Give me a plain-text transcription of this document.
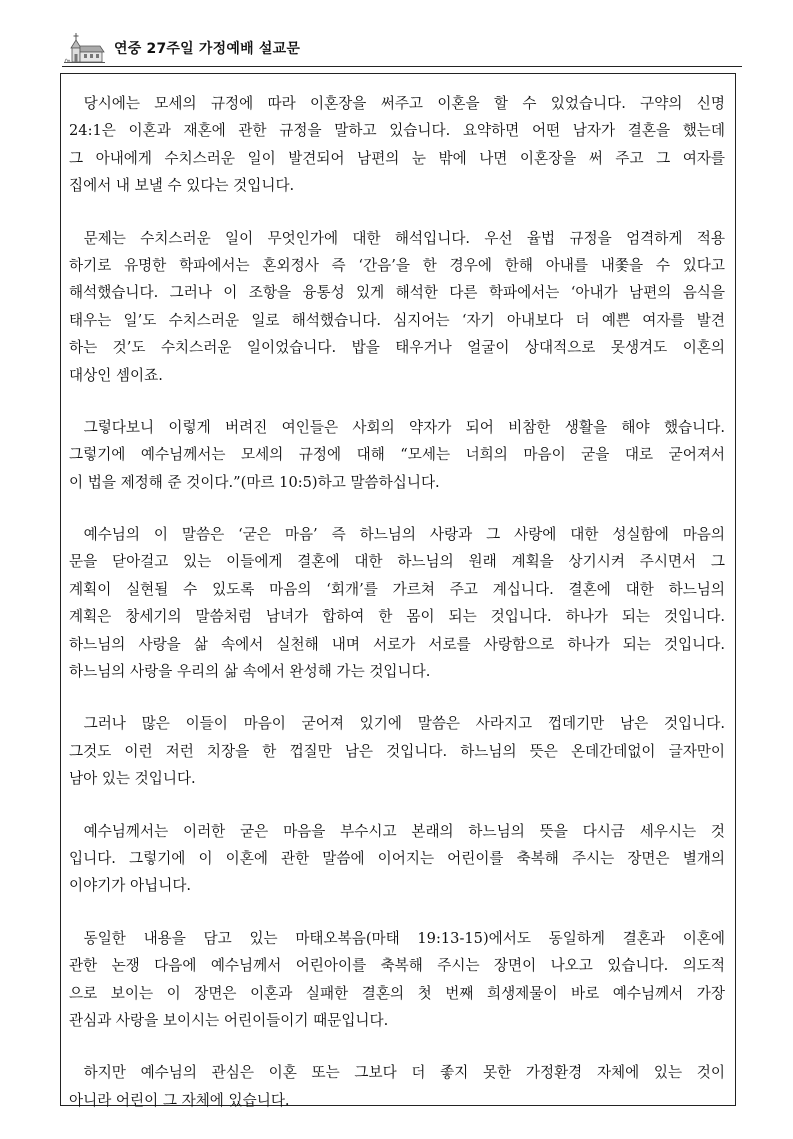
연중 27주일 가정예배 설교문
 당시에는 모세의 규정에 따라 이혼장을 써주고 이혼을 할 수 있었습니다. 구약의 신명
24:1은 이혼과 재혼에 관한 규정을 말하고 있습니다. 요약하면 어떤 남자가 결혼을 했는데
그 아내에게 수치스러운 일이 발견되어 남편의 눈 밖에 나면 이혼장을 써 주고 그 여자를
집에서 내 보낼 수 있다는 것입니다.
 문제는 수치스러운 일이 무엇인가에 대한 해석입니다. 우선 율법 규정을 엄격하게 적용
하기로 유명한 학파에서는 혼외정사 즉 ‘간음’을 한 경우에 한해 아내를 내쫓을 수 있다고
해석했습니다. 그러나 이 조항을 융통성 있게 해석한 다른 학파에서는 ‘아내가 남편의 음식을
태우는 일’도 수치스러운 일로 해석했습니다. 심지어는 ‘자기 아내보다 더 예쁜 여자를 발견
하는 것’도 수치스러운 일이었습니다. 밥을 태우거나 얼굴이 상대적으로 못생겨도 이혼의
대상인 셈이죠.
 그렇다보니 이렇게 버려진 여인들은 사회의 약자가 되어 비참한 생활을 해야 했습니다.
그렇기에 예수님께서는 모세의 규정에 대해 “모세는 너희의 마음이 굳을 대로 굳어져서
이 법을 제정해 준 것이다.”(마르 10:5)하고 말씀하십니다.
 예수님의 이 말씀은 ‘굳은 마음’ 즉 하느님의 사랑과 그 사랑에 대한 성실함에 마음의
문을 닫아걸고 있는 이들에게 결혼에 대한 하느님의 원래 계획을 상기시켜 주시면서 그
계획이 실현될 수 있도록 마음의 ‘회개’를 가르쳐 주고 계십니다. 결혼에 대한 하느님의
계획은 창세기의 말씀처럼 남녀가 합하여 한 몸이 되는 것입니다. 하나가 되는 것입니다.
하느님의 사랑을 삶 속에서 실천해 내며 서로가 서로를 사랑함으로 하나가 되는 것입니다.
하느님의 사랑을 우리의 삶 속에서 완성해 가는 것입니다.
 그러나 많은 이들이 마음이 굳어져 있기에 말씀은 사라지고 껍데기만 남은 것입니다.
그것도 이런 저런 치장을 한 껍질만 남은 것입니다. 하느님의 뜻은 온데간데없이 글자만이
남아 있는 것입니다.
 예수님께서는 이러한 굳은 마음을 부수시고 본래의 하느님의 뜻을 다시금 세우시는 것
입니다. 그렇기에 이 이혼에 관한 말씀에 이어지는 어린이를 축복해 주시는 장면은 별개의
이야기가 아닙니다.
 동일한 내용을 담고 있는 마태오복음(마태 19:13-15)에서도 동일하게 결혼과 이혼에
관한 논쟁 다음에 예수님께서 어린아이를 축복해 주시는 장면이 나오고 있습니다. 의도적
으로 보이는 이 장면은 이혼과 실패한 결혼의 첫 번째 희생제물이 바로 예수님께서 가장
관심과 사랑을 보이시는 어린이들이기 때문입니다.
 하지만 예수님의 관심은 이혼 또는 그보다 더 좋지 못한 가정환경 자체에 있는 것이
아니라 어린이 그 자체에 있습니다.
